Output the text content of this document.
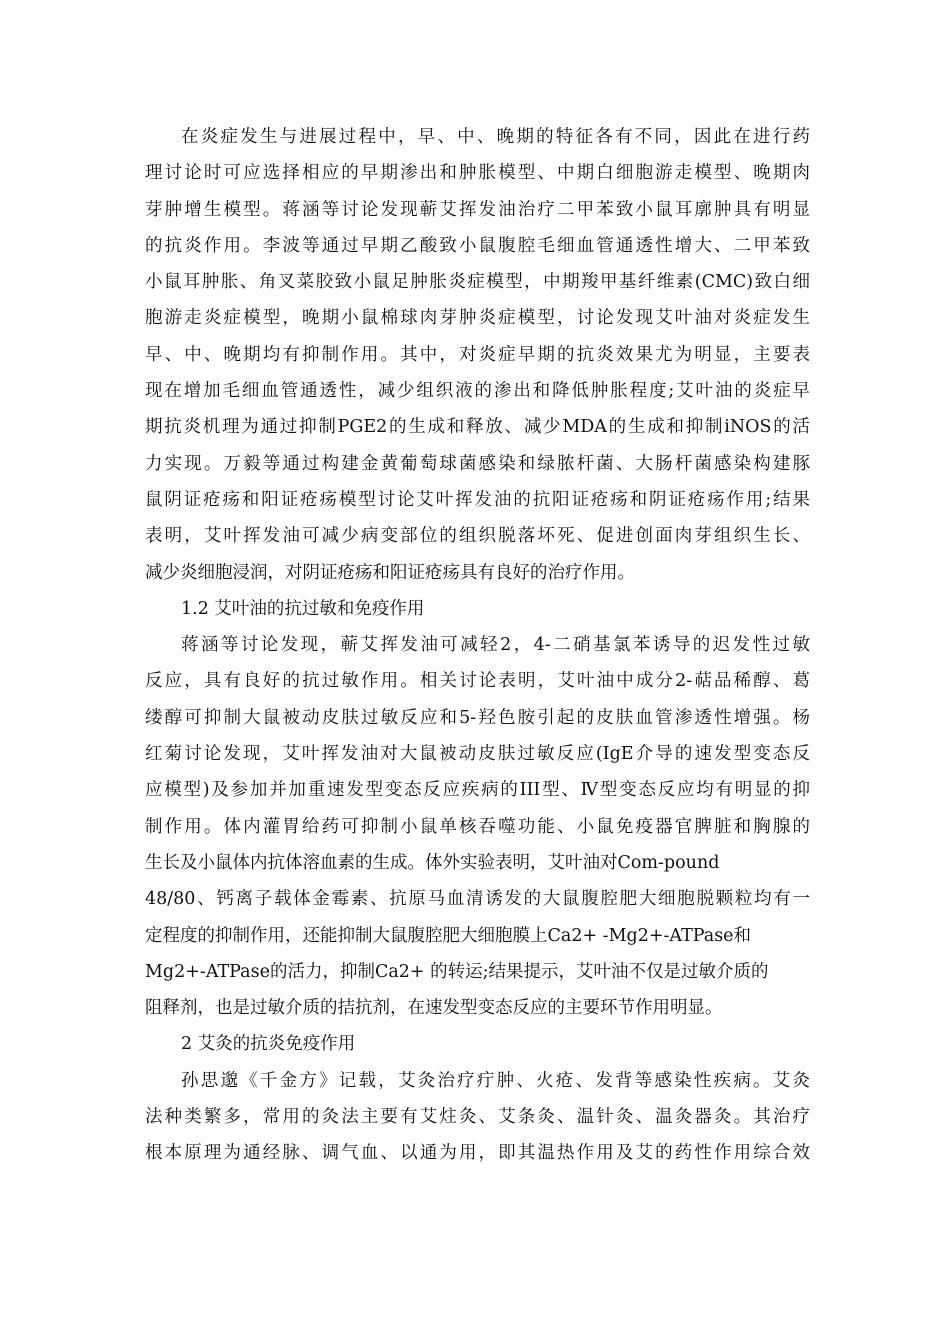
在炎症发生与进展过程中，早、中、晚期的特征各有不同，因此在进行药
理讨论时可应选择相应的早期渗出和肿胀模型、中期白细胞游走模型、晚期肉
芽肿增生模型。蒋涵等讨论发现蕲艾挥发油治疗二甲苯致小鼠耳廓肿具有明显
的抗炎作用。李波等通过早期乙酸致小鼠腹腔毛细血管通透性增大、二甲苯致
小鼠耳肿胀、角叉菜胶致小鼠足肿胀炎症模型，中期羧甲基纤维素(CMC)致白细
胞游走炎症模型，晚期小鼠棉球肉芽肿炎症模型，讨论发现艾叶油对炎症发生
早、中、晚期均有抑制作用。其中，对炎症早期的抗炎效果尤为明显，主要表
现在增加毛细血管通透性，减少组织液的渗出和降低肿胀程度;艾叶油的炎症早
期抗炎机理为通过抑制PGE2的生成和释放、减少MDA的生成和抑制iNOS的活
力实现。万毅等通过构建金黄葡萄球菌感染和绿脓杆菌、大肠杆菌感染构建豚
鼠阴证疮疡和阳证疮疡模型讨论艾叶挥发油的抗阳证疮疡和阴证疮疡作用;结果
表明，艾叶挥发油可减少病变部位的组织脱落坏死、促进创面肉芽组织生长、
减少炎细胞浸润，对阴证疮疡和阳证疮疡具有良好的治疗作用。
1.2 艾叶油的抗过敏和免疫作用
蒋涵等讨论发现，蕲艾挥发油可减轻2，4-二硝基氯苯诱导的迟发性过敏
反应，具有良好的抗过敏作用。相关讨论表明，艾叶油中成分2-萜品稀醇、葛
缕醇可抑制大鼠被动皮肤过敏反应和5-羟色胺引起的皮肤血管渗透性增强。杨
红菊讨论发现，艾叶挥发油对大鼠被动皮肤过敏反应(IgE介导的速发型变态反
应模型)及参加并加重速发型变态反应疾病的III型、Ⅳ型变态反应均有明显的抑
制作用。体内灌胃给药可抑制小鼠单核吞噬功能、小鼠免疫器官脾脏和胸腺的
生长及小鼠体内抗体溶血素的生成。体外实验表明，艾叶油对Com-pound
48/80、钙离子载体金霉素、抗原马血清诱发的大鼠腹腔肥大细胞脱颗粒均有一
定程度的抑制作用，还能抑制大鼠腹腔肥大细胞膜上Ca2+ -Mg2+-ATPase和
Mg2+-ATPase的活力，抑制Ca2+ 的转运;结果提示，艾叶油不仅是过敏介质的
阻释剂，也是过敏介质的拮抗剂，在速发型变态反应的主要环节作用明显。
2 艾灸的抗炎免疫作用
孙思邈《千金方》记载，艾灸治疗疔肿、火疮、发背等感染性疾病。艾灸
法种类繁多，常用的灸法主要有艾炷灸、艾条灸、温针灸、温灸器灸。其治疗
根本原理为通经脉、调气血、以通为用，即其温热作用及艾的药性作用综合效
